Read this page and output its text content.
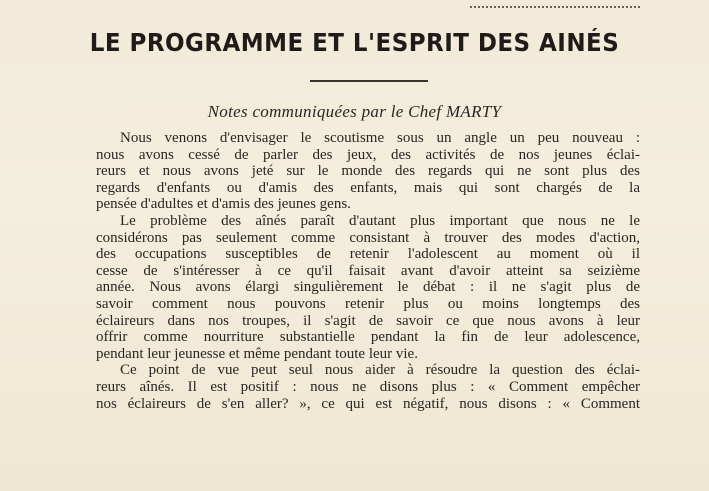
LE PROGRAMME ET L'ESPRIT DES AINÉS
Notes communiquées par le Chef MARTY

Nous venons d'envisager le scoutisme sous un angle un peu nouveau :
nous avons cessé de parler des jeux, des activités de nos jeunes éclai-
reurs et nous avons jeté sur le monde des regards qui ne sont plus des
regards d'enfants ou d'amis des enfants, mais qui sont chargés de la
pensée d'adultes et d'amis des jeunes gens.

Le problème des aînés paraît d'autant plus important que nous ne le
considérons pas seulement comme consistant à trouver des modes d'action,
des occupations susceptibles de retenir l'adolescent au moment où il
cesse de s'intéresser à ce qu'il faisait avant d'avoir atteint sa seizième
année. Nous avons élargi singulièrement le débat : il ne s'agit plus de
savoir comment nous pouvons retenir plus ou moins longtemps des
éclaireurs dans nos troupes, il s'agit de savoir ce que nous avons à leur
offrir comme nourriture substantielle pendant la fin de leur adolescence,
pendant leur jeunesse et même pendant toute leur vie.

Ce point de vue peut seul nous aider à résoudre la question des éclai-
reurs aînés. Il est positif : nous ne disons plus : « Comment empêcher
nos éclaireurs de s'en aller? », ce qui est négatif, nous disons : « Comment
